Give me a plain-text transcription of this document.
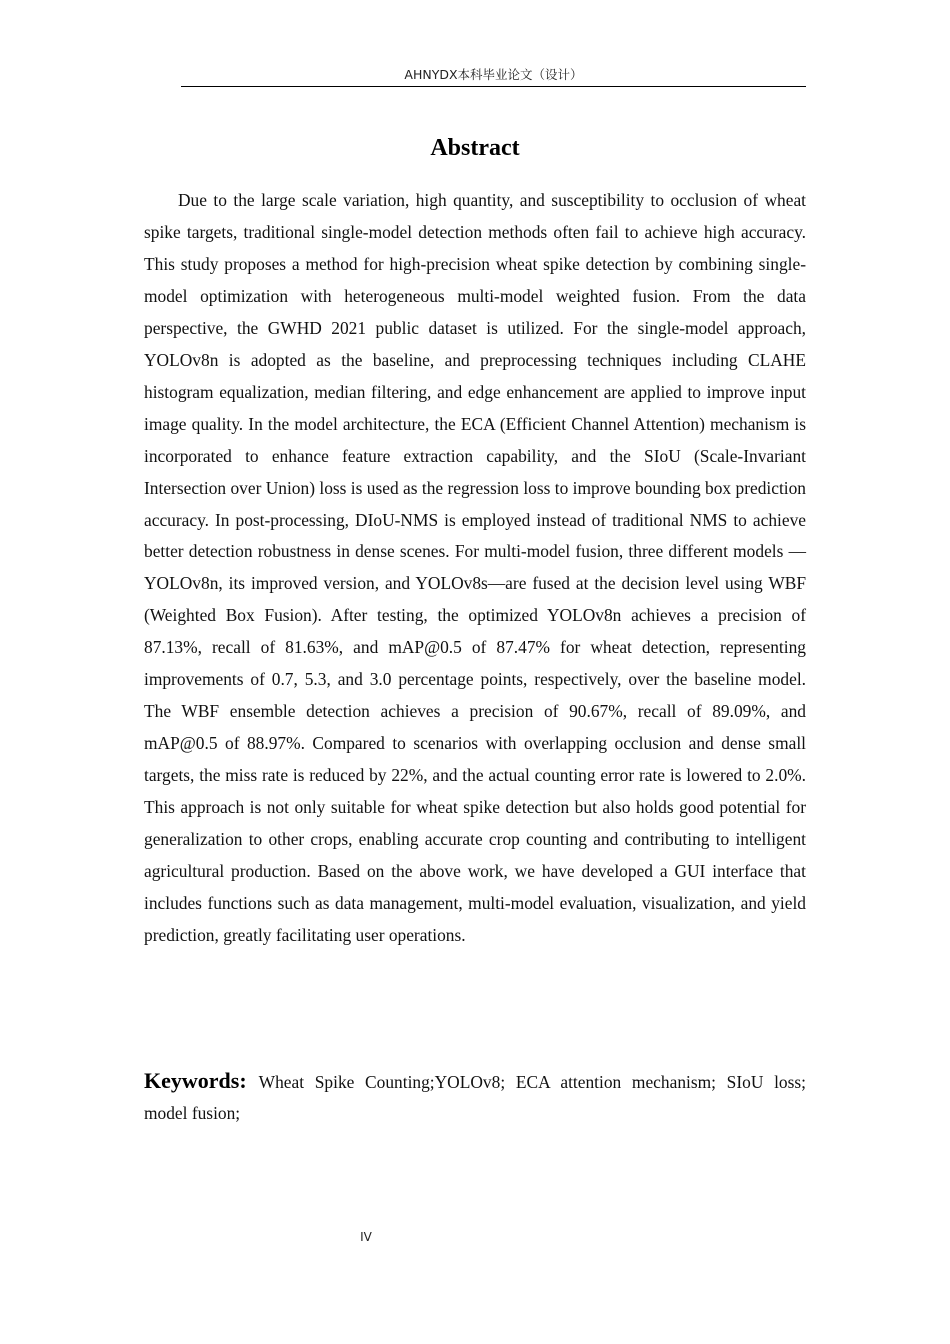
AHNYDX本科毕业论文（设计）
Abstract

Due to the large scale variation, high quantity, and susceptibility to occlusion of wheat spike targets, traditional single-model detection methods often fail to achieve high accuracy. This study proposes a method for high-precision wheat spike detection by combining single-model optimization with heterogeneous multi-model weighted fusion. From the data perspective, the GWHD 2021 public dataset is utilized. For the single-model approach, YOLOv8n is adopted as the baseline, and preprocessing techniques including CLAHE histogram equalization, median filtering, and edge enhancement are applied to improve input image quality. In the model architecture, the ECA (Efficient Channel Attention) mechanism is incorporated to enhance feature extraction capability, and the SIoU (Scale-Invariant Intersection over Union) loss is used as the regression loss to improve bounding box prediction accuracy. In post-processing, DIoU-NMS is employed instead of traditional NMS to achieve better detection robustness in dense scenes. For multi-model fusion, three different models —YOLOv8n, its improved version, and YOLOv8s—are fused at the decision level using WBF (Weighted Box Fusion). After testing, the optimized YOLOv8n achieves a precision of 87.13%, recall of 81.63%, and mAP@0.5 of 87.47% for wheat detection, representing improvements of 0.7, 5.3, and 3.0 percentage points, respectively, over the baseline model. The WBF ensemble detection achieves a precision of 90.67%, recall of 89.09%, and mAP@0.5 of 88.97%. Compared to scenarios with overlapping occlusion and dense small targets, the miss rate is reduced by 22%, and the actual counting error rate is lowered to 2.0%. This approach is not only suitable for wheat spike detection but also holds good potential for generalization to other crops, enabling accurate crop counting and contributing to intelligent agricultural production. Based on the above work, we have developed a GUI interface that includes functions such as data management, multi-model evaluation, visualization, and yield prediction, greatly facilitating user operations.

Keywords: Wheat Spike Counting;YOLOv8; ECA attention mechanism; SIoU loss; model fusion;

IV
